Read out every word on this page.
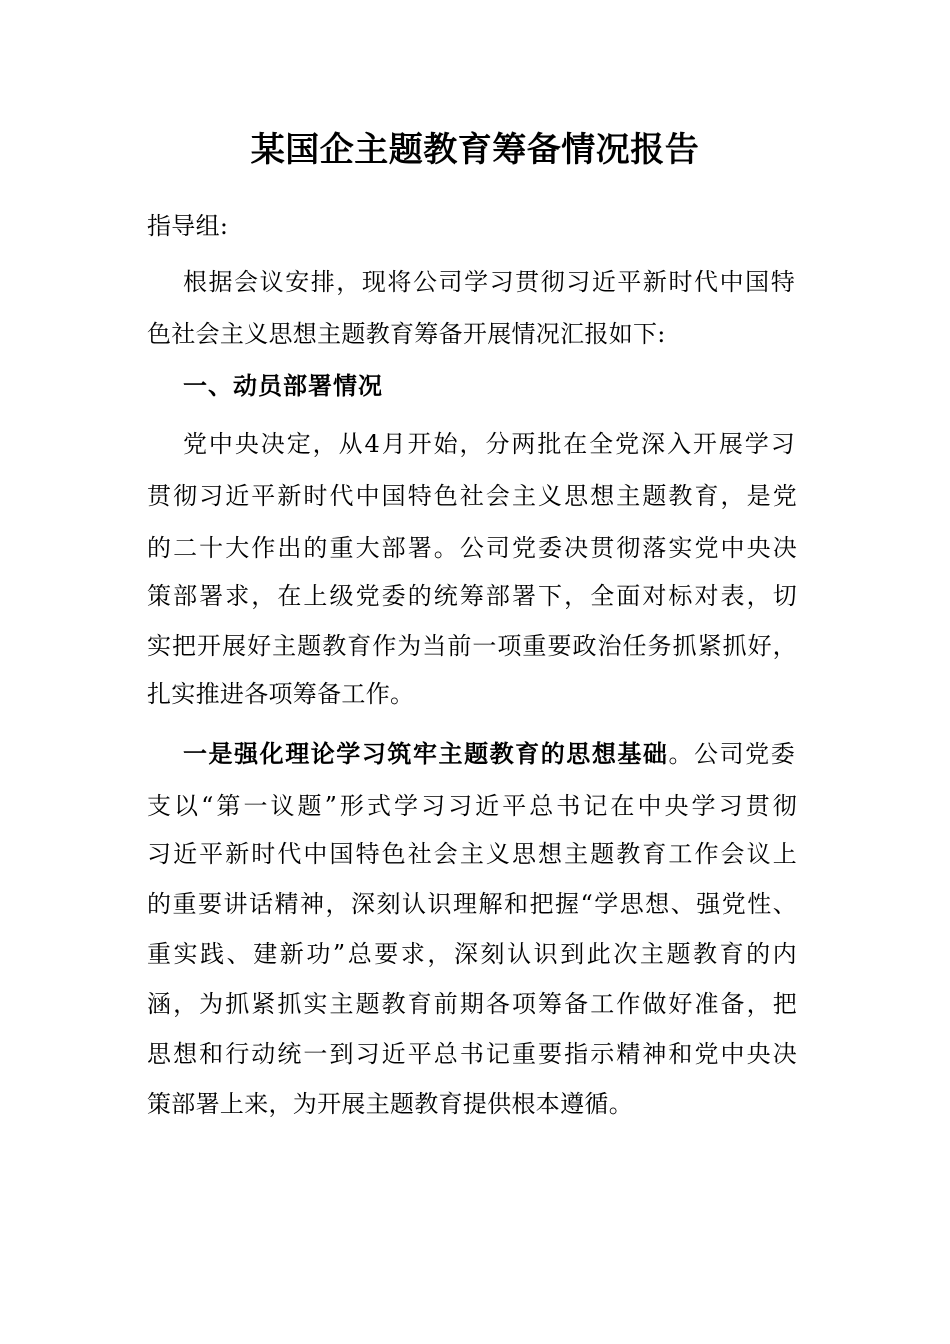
某国企主题教育筹备情况报告
指导组:
根据会议安排，现将公司学习贯彻习近平新时代中国特
色社会主义思想主题教育筹备开展情况汇报如下:
一、动员部署情况
党中央决定，从4月开始，分两批在全党深入开展学习
贯彻习近平新时代中国特色社会主义思想主题教育，是党
的二十大作出的重大部署。公司党委决贯彻落实党中央决
策部署求，在上级党委的统筹部署下，全面对标对表，切
实把开展好主题教育作为当前一项重要政治任务抓紧抓好，
扎实推进各项筹备工作。
一是强化理论学习筑牢主题教育的思想基础。公司党委
支以“第一议题”形式学习习近平总书记在中央学习贯彻
习近平新时代中国特色社会主义思想主题教育工作会议上
的重要讲话精神，深刻认识理解和把握“学思想、强党性、
重实践、建新功”总要求，深刻认识到此次主题教育的内
涵，为抓紧抓实主题教育前期各项筹备工作做好准备，把
思想和行动统一到习近平总书记重要指示精神和党中央决
策部署上来，为开展主题教育提供根本遵循。
